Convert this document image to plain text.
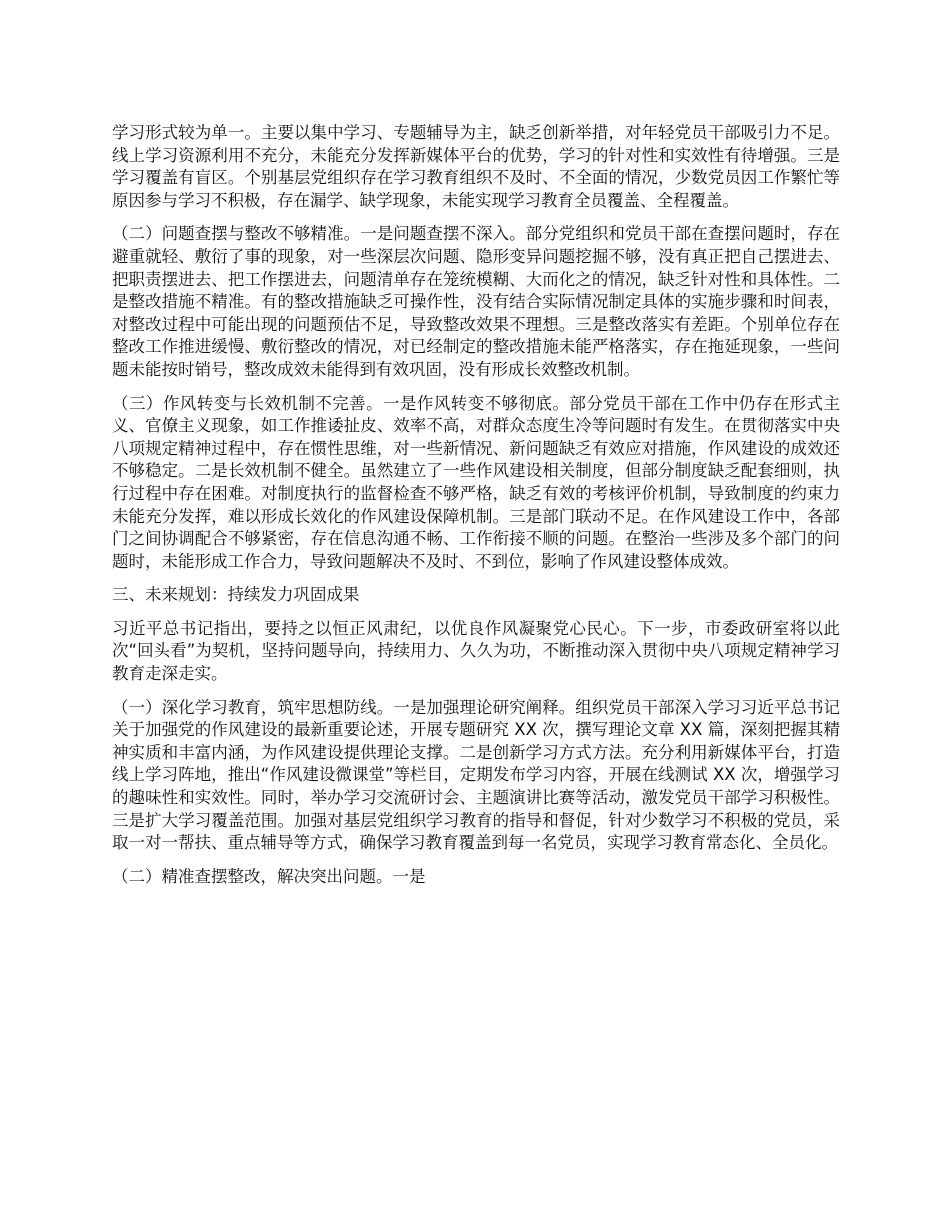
学习形式较为单一。主要以集中学习、专题辅导为主，缺乏创新举措，对年轻党员干部吸引力不足。线上学习资源利用不充分，未能充分发挥新媒体平台的优势，学习的针对性和实效性有待增强。三是学习覆盖有盲区。个别基层党组织存在学习教育组织不及时、不全面的情况，少数党员因工作繁忙等原因参与学习不积极，存在漏学、缺学现象，未能实现学习教育全员覆盖、全程覆盖。

（二）问题查摆与整改不够精准。一是问题查摆不深入。部分党组织和党员干部在查摆问题时，存在避重就轻、敷衍了事的现象，对一些深层次问题、隐形变异问题挖掘不够，没有真正把自己摆进去、把职责摆进去、把工作摆进去，问题清单存在笼统模糊、大而化之的情况，缺乏针对性和具体性。二是整改措施不精准。有的整改措施缺乏可操作性，没有结合实际情况制定具体的实施步骤和时间表，对整改过程中可能出现的问题预估不足，导致整改效果不理想。三是整改落实有差距。个别单位存在整改工作推进缓慢、敷衍整改的情况，对已经制定的整改措施未能严格落实，存在拖延现象，一些问题未能按时销号，整改成效未能得到有效巩固，没有形成长效整改机制。

（三）作风转变与长效机制不完善。一是作风转变不够彻底。部分党员干部在工作中仍存在形式主义、官僚主义现象，如工作推诿扯皮、效率不高，对群众态度生冷等问题时有发生。在贯彻落实中央八项规定精神过程中，存在惯性思维，对一些新情况、新问题缺乏有效应对措施，作风建设的成效还不够稳定。二是长效机制不健全。虽然建立了一些作风建设相关制度，但部分制度缺乏配套细则，执行过程中存在困难。对制度执行的监督检查不够严格，缺乏有效的考核评价机制，导致制度的约束力未能充分发挥，难以形成长效化的作风建设保障机制。三是部门联动不足。在作风建设工作中，各部门之间协调配合不够紧密，存在信息沟通不畅、工作衔接不顺的问题。在整治一些涉及多个部门的问题时，未能形成工作合力，导致问题解决不及时、不到位，影响了作风建设整体成效。

三、未来规划：持续发力巩固成果

习近平总书记指出，要持之以恒正风肃纪，以优良作风凝聚党心民心。下一步，市委政研室将以此次“回头看”为契机，坚持问题导向，持续用力、久久为功，不断推动深入贯彻中央八项规定精神学习教育走深走实。

（一）深化学习教育，筑牢思想防线。一是加强理论研究阐释。组织党员干部深入学习习近平总书记关于加强党的作风建设的最新重要论述，开展专题研究 XX 次，撰写理论文章 XX 篇，深刻把握其精神实质和丰富内涵，为作风建设提供理论支撑。二是创新学习方式方法。充分利用新媒体平台，打造线上学习阵地，推出“作风建设微课堂”等栏目，定期发布学习内容，开展在线测试 XX 次，增强学习的趣味性和实效性。同时，举办学习交流研讨会、主题演讲比赛等活动，激发党员干部学习积极性。三是扩大学习覆盖范围。加强对基层党组织学习教育的指导和督促，针对少数学习不积极的党员，采取一对一帮扶、重点辅导等方式，确保学习教育覆盖到每一名党员，实现学习教育常态化、全员化。

（二）精准查摆整改，解决突出问题。一是
